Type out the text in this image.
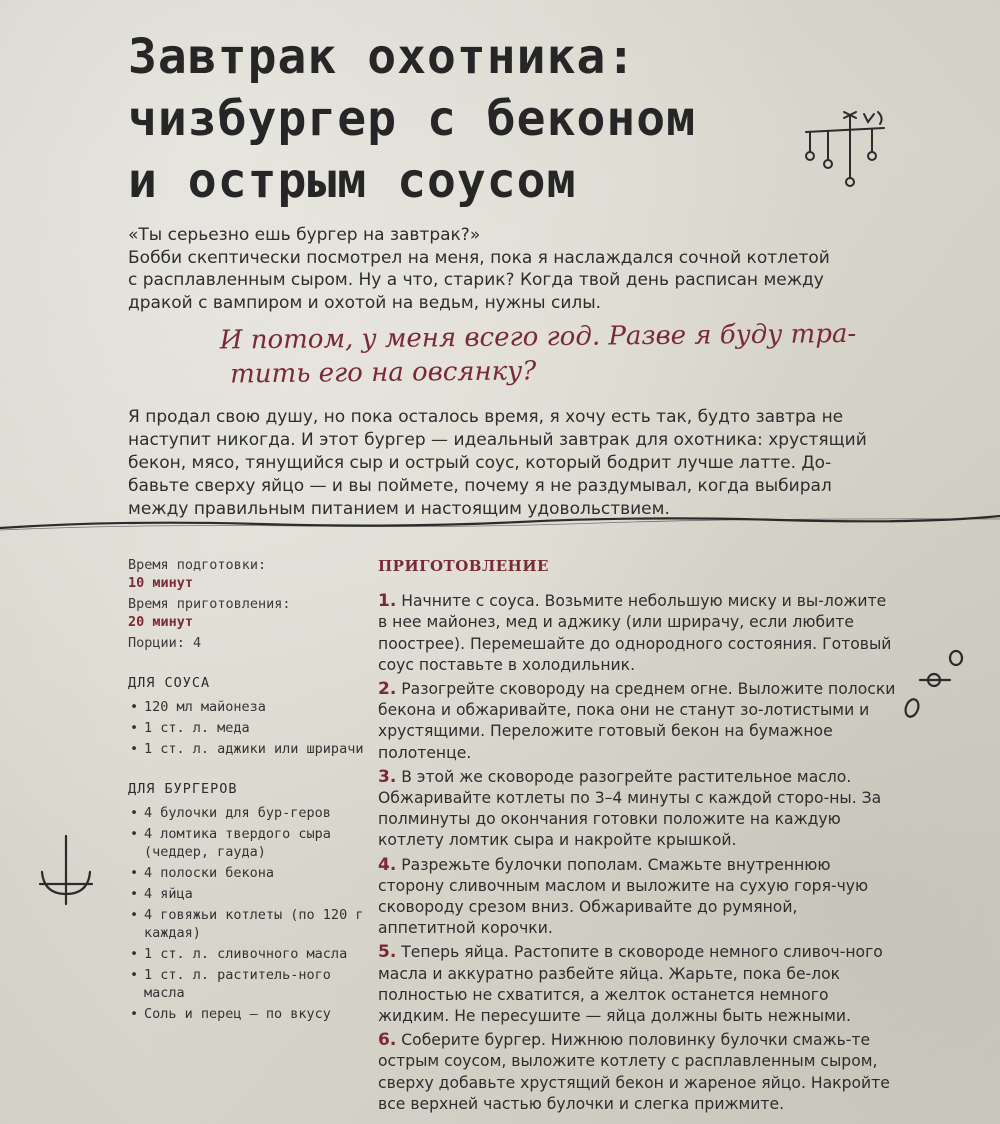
Завтрак охотника:
чизбургер с беконом
и острым соусом
«Ты серьезно ешь бургер на завтрак?»
Бобби скептически посмотрел на меня, пока я наслаждался сочной котлетой
с расплавленным сыром. Ну а что, старик? Когда твой день расписан между
дракой с вампиром и охотой на ведьм, нужны силы.
И потом, у меня всего год. Разве я буду тра-
тить его на овсянку?
Я продал свою душу, но пока осталось время, я хочу есть так, будто завтра не
наступит никогда. И этот бургер — идеальный завтрак для охотника: хрустящий
бекон, мясо, тянущийся сыр и острый соус, который бодрит лучше латте. До-
бавьте сверху яйцо — и вы поймете, почему я не раздумывал, когда выбирал
между правильным питанием и настоящим удовольствием.
Время подготовки:
10 минут
Время приготовления:
20 минут
Порции: 4
ДЛЯ СОУСА
• 120 мл майонеза
• 1 ст. л. меда
• 1 ст. л. аджики или шрирачи
ДЛЯ БУРГЕРОВ
• 4 булочки для бур-геров
• 4 ломтика твердого сыра (чеддер, гауда)
• 4 полоски бекона
• 4 яйца
• 4 говяжьи котлеты (по 120 г каждая)
• 1 ст. л. сливочного масла
• 1 ст. л. раститель-ного масла
• Соль и перец — по вкусу
ПРИГОТОВЛЕНИЕ
1. Начните с соуса. Возьмите небольшую миску и вы-ложите в нее майонез, мед и аджику (или шрирачу, если любите поострее). Перемешайте до однородного состояния. Готовый соус поставьте в холодильник.
2. Разогрейте сковороду на среднем огне. Выложите полоски бекона и обжаривайте, пока они не станут зо-лотистыми и хрустящими. Переложите готовый бекон на бумажное полотенце.
3. В этой же сковороде разогрейте растительное масло. Обжаривайте котлеты по 3–4 минуты с каждой сторо-ны. За полминуты до окончания готовки положите на каждую котлету ломтик сыра и накройте крышкой.
4. Разрежьте булочки пополам. Смажьте внутреннюю сторону сливочным маслом и выложите на сухую горя-чую сковороду срезом вниз. Обжаривайте до румяной, аппетитной корочки.
5. Теперь яйца. Растопите в сковороде немного сливоч-ного масла и аккуратно разбейте яйца. Жарьте, пока бе-лок полностью не схватится, а желток останется немного жидким. Не пересушите — яйца должны быть нежными.
6. Соберите бургер. Нижнюю половинку булочки смажь-те острым соусом, выложите котлету с расплавленным сыром, сверху добавьте хрустящий бекон и жареное яйцо. Накройте все верхней частью булочки и слегка прижмите.
